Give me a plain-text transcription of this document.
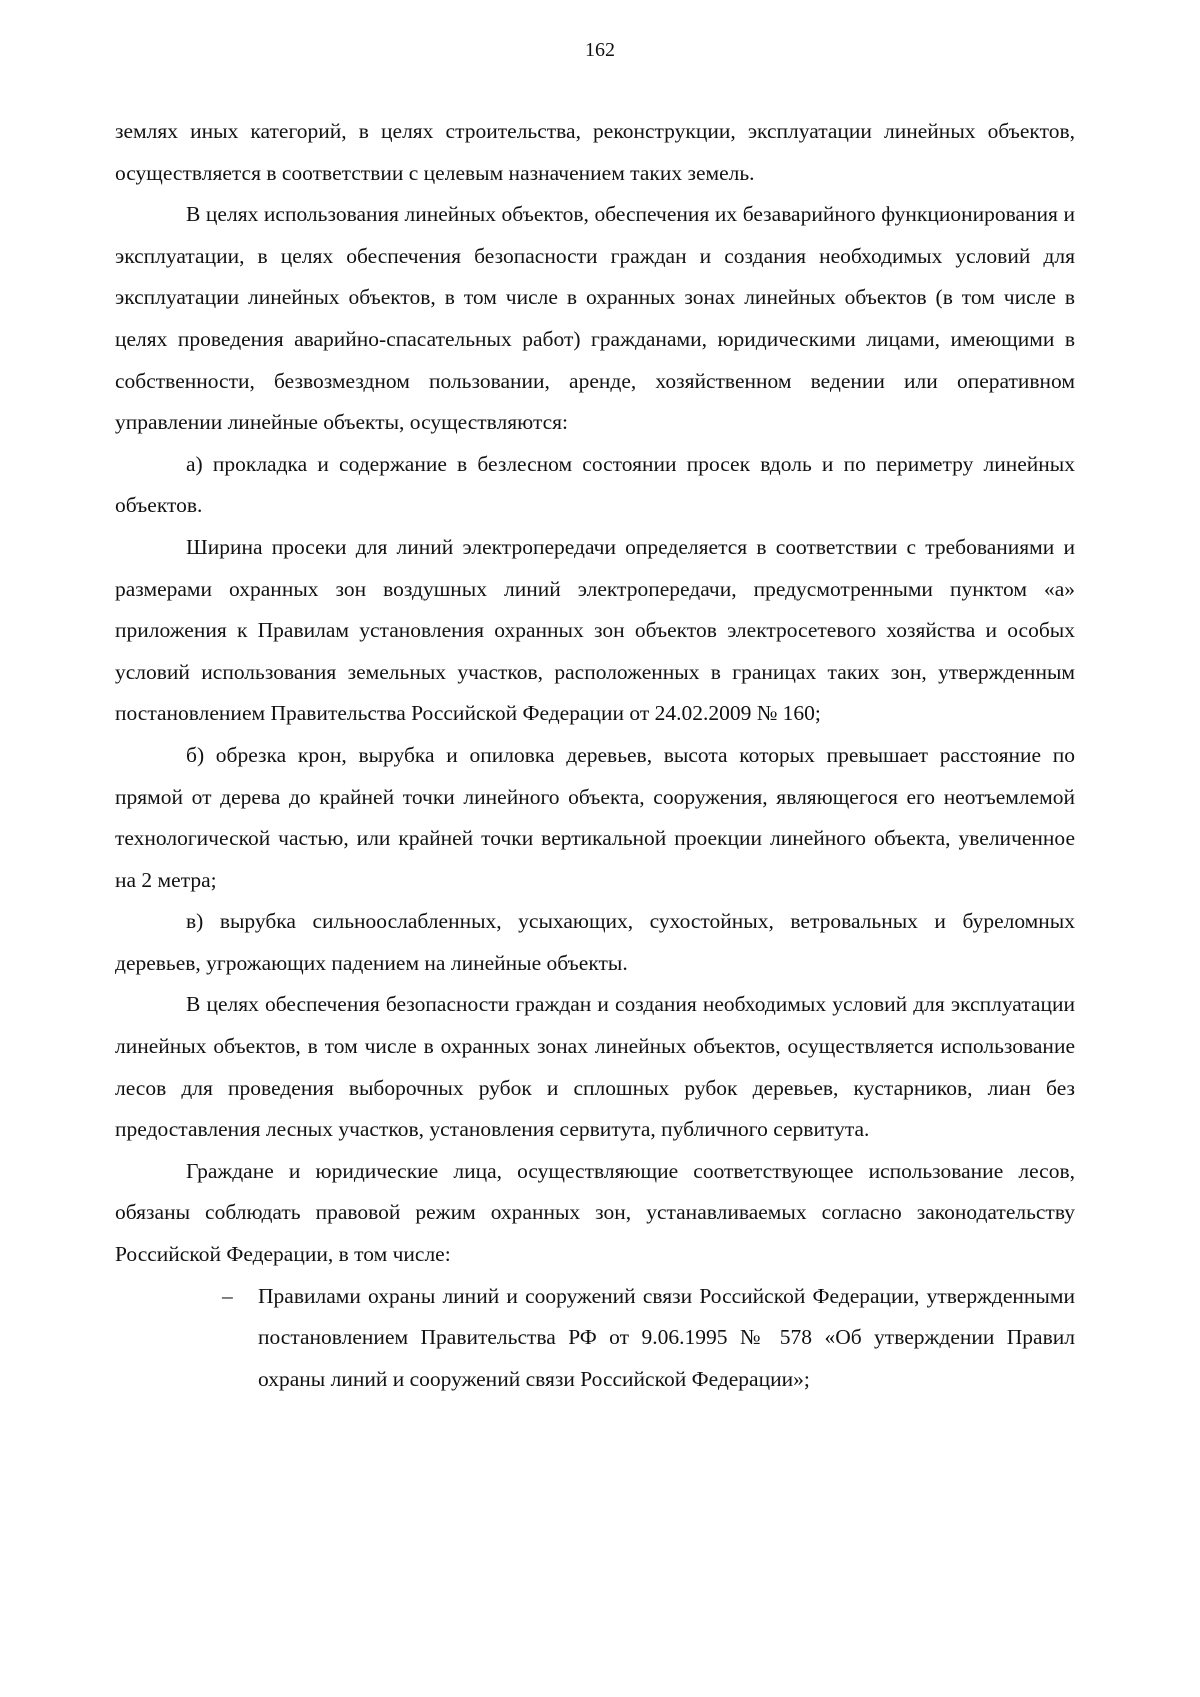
162

землях иных категорий, в целях строительства, реконструкции, эксплуатации линейных объектов, осуществляется в соответствии с целевым назначением таких земель.

В целях использования линейных объектов, обеспечения их безаварийного функционирования и эксплуатации, в целях обеспечения безопасности граждан и создания необходимых условий для эксплуатации линейных объектов, в том числе в охранных зонах линейных объектов (в том числе в целях проведения аварийно-спасательных работ) гражданами, юридическими лицами, имеющими в собственности, безвозмездном пользовании, аренде, хозяйственном ведении или оперативном управлении линейные объекты, осуществляются:

а) прокладка и содержание в безлесном состоянии просек вдоль и по периметру линейных объектов.

Ширина просеки для линий электропередачи определяется в соответствии с требованиями и размерами охранных зон воздушных линий электропередачи, предусмотренными пунктом «а» приложения к Правилам установления охранных зон объектов электросетевого хозяйства и особых условий использования земельных участков, расположенных в границах таких зон, утвержденным постановлением Правительства Российской Федерации от 24.02.2009 № 160;

б) обрезка крон, вырубка и опиловка деревьев, высота которых превышает расстояние по прямой от дерева до крайней точки линейного объекта, сооружения, являющегося его неотъемлемой технологической частью, или крайней точки вертикальной проекции линейного объекта, увеличенное на 2 метра;

в) вырубка сильноослабленных, усыхающих, сухостойных, ветровальных и буреломных деревьев, угрожающих падением на линейные объекты.

В целях обеспечения безопасности граждан и создания необходимых условий для эксплуатации линейных объектов, в том числе в охранных зонах линейных объектов, осуществляется использование лесов для проведения выборочных рубок и сплошных рубок деревьев, кустарников, лиан без предоставления лесных участков, установления сервитута, публичного сервитута.

Граждане и юридические лица, осуществляющие соответствующее использование лесов, обязаны соблюдать правовой режим охранных зон, устанавливаемых согласно законодательству Российской Федерации, в том числе:

– Правилами охраны линий и сооружений связи Российской Федерации, утвержденными постановлением Правительства РФ от 9.06.1995 № 578 «Об утверждении Правил охраны линий и сооружений связи Российской Федерации»;
